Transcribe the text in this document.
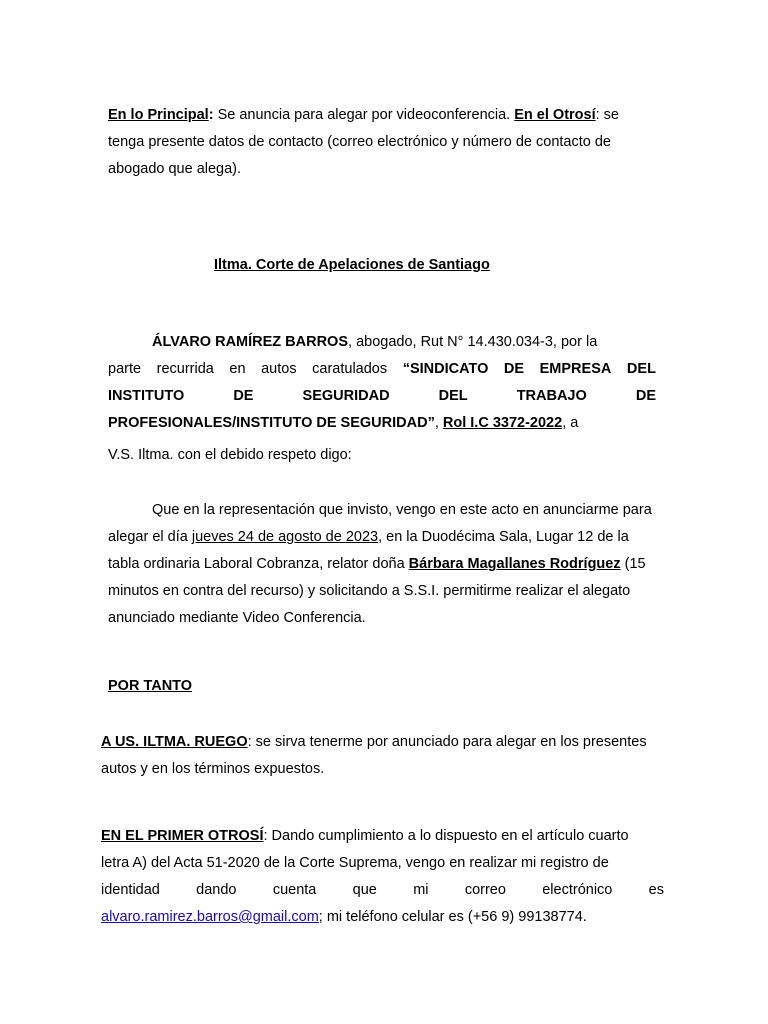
En lo Principal: Se anuncia para alegar por videoconferencia. En el Otrosí: se
tenga presente datos de contacto (correo electrónico y número de contacto de
abogado que alega).
Iltma. Corte de Apelaciones de Santiago
ÁLVARO RAMÍREZ BARROS, abogado, Rut N° 14.430.034-3, por la
parte recurrida en autos caratulados “SINDICATO DE EMPRESA DEL
INSTITUTO	DE	SEGURIDAD	DEL	TRABAJO	DE
PROFESIONALES/INSTITUTO DE SEGURIDAD”, Rol I.C 3372-2022, a
V.S. Iltma. con el debido respeto digo:
Que en la representación que invisto, vengo en este acto en anunciarme para
alegar el día jueves 24 de agosto de 2023, en la Duodécima Sala, Lugar 12 de la
tabla ordinaria Laboral Cobranza, relator doña Bárbara Magallanes Rodríguez (15
minutos en contra del recurso) y solicitando a S.S.I. permitirme realizar el alegato
anunciado mediante Video Conferencia.
POR TANTO
A US. ILTMA. RUEGO: se sirva tenerme por anunciado para alegar en los presentes
autos y en los términos expuestos.
EN EL PRIMER OTROSÍ: Dando cumplimiento a lo dispuesto en el artículo cuarto
letra A) del Acta 51-2020 de la Corte Suprema, vengo en realizar mi registro de
identidad	dando	cuenta	que	mi	correo	electrónico	es
alvaro.ramirez.barros@gmail.com; mi teléfono celular es (+56 9) 99138774.
